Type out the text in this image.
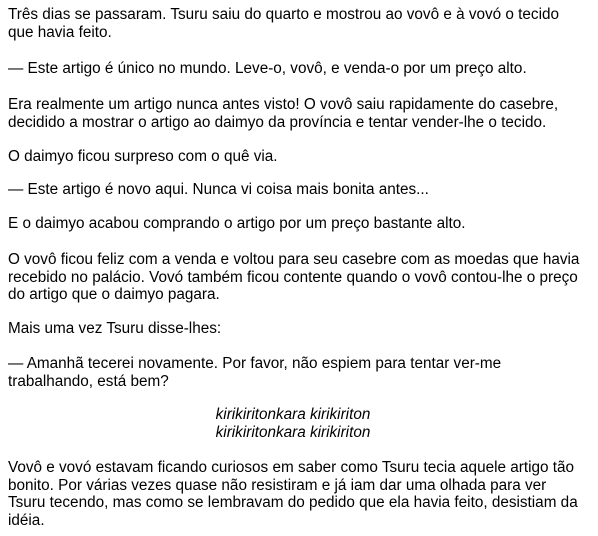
Três dias se passaram. Tsuru saiu do quarto e mostrou ao vovô e à vovó o tecido
que havia feito.

— Este artigo é único no mundo. Leve-o, vovô, e venda-o por um preço alto.

Era realmente um artigo nunca antes visto! O vovô saiu rapidamente do casebre,
decidido a mostrar o artigo ao daimyo da província e tentar vender-lhe o tecido.

O daimyo ficou surpreso com o quê via.

— Este artigo é novo aqui. Nunca vi coisa mais bonita antes...

E o daimyo acabou comprando o artigo por um preço bastante alto.

O vovô ficou feliz com a venda e voltou para seu casebre com as moedas que havia
recebido no palácio. Vovó também ficou contente quando o vovô contou-lhe o preço
do artigo que o daimyo pagara.

Mais uma vez Tsuru disse-lhes:

— Amanhã tecerei novamente. Por favor, não espiem para tentar ver-me
trabalhando, está bem?

kirikiritonkara kirikiriton
kirikiritonkara kirikiriton

Vovô e vovó estavam ficando curiosos em saber como Tsuru tecia aquele artigo tão
bonito. Por várias vezes quase não resistiram e já iam dar uma olhada para ver
Tsuru tecendo, mas como se lembravam do pedido que ela havia feito, desistiam da
idéia.
